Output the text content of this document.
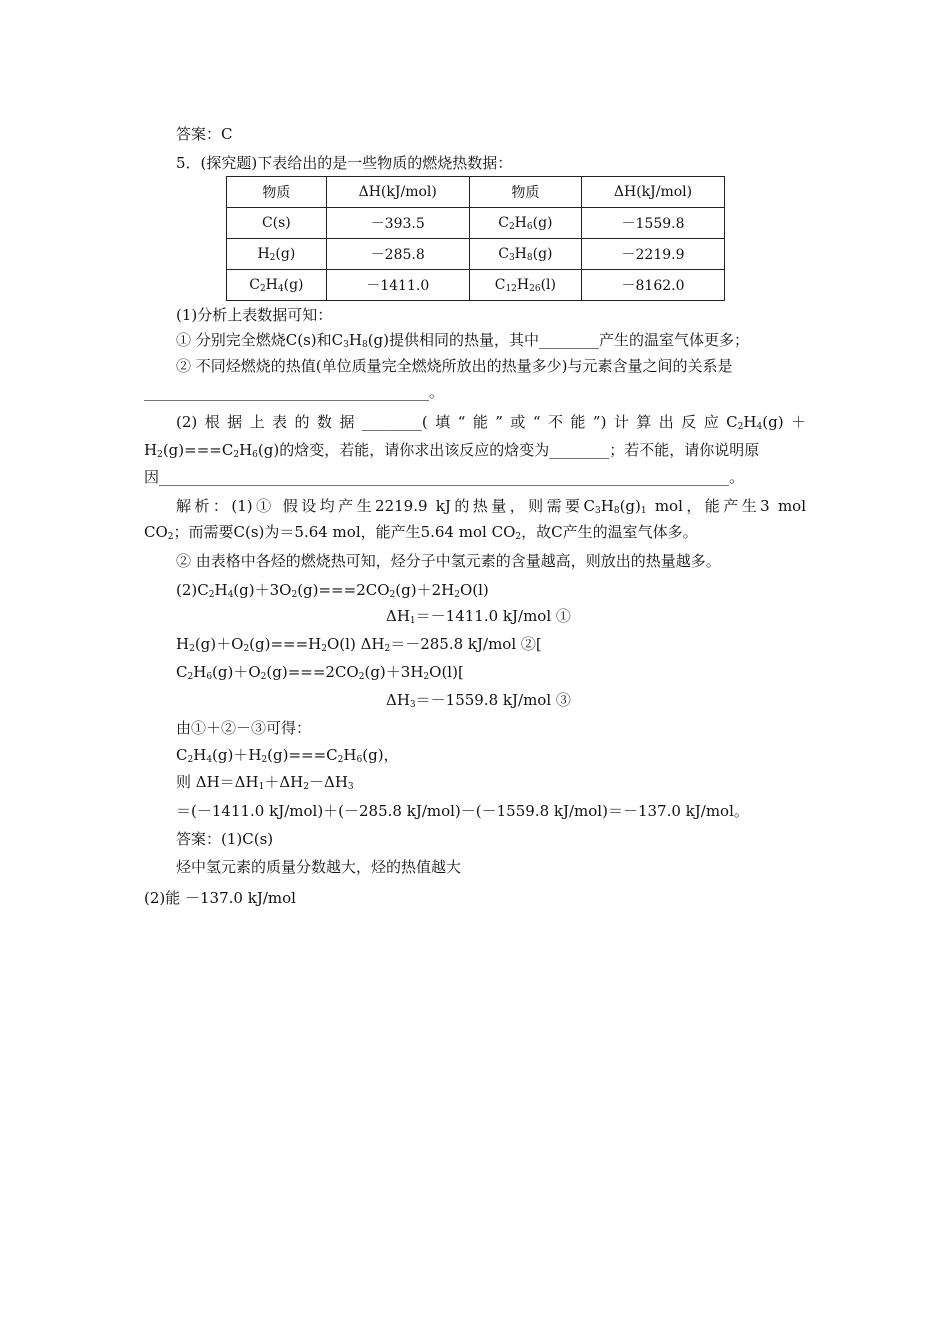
答案：C
5．(探究题)下表给出的是一些物质的燃烧热数据：
物质	ΔH(kJ/mol)	物质	ΔH(kJ/mol)
C(s)	－393.5	$C_2H_6(g)$	－1559.8
$H_2(g)$	－285.8	$C_3H_8(g)$	－2219.9
$C_2H_4(g)$	－1411.0	$C_{12}H_{26}(l)$	－8162.0
(1)分析上表数据可知：
① 分别完全燃烧C(s)和$C_3H_8(g)$提供相同的热量，其中________产生的温室气体更多；
② 不同烃燃烧的热值(单位质量完全燃烧所放出的热量多少)与元素含量之间的关系是
______________________________________。
(2)根据上表的数据________(填“能”或“不能”)计算出反应$C_2H_4(g)+$
$H_2(g)===C_2H_6(g)$的焓变，若能，请你求出该反应的焓变为________；若不能，请你说明原
因____________________________________________________________________________。
解析：(1)① 假设均产生2219.9 kJ的热量，则需要$C_3H_8(g)_1$ mol，能产生3 mol
$CO_2$；而需要C(s)为＝5.64 mol，能产生5.64 mol $CO_2$，故C产生的温室气体多。
② 由表格中各烃的燃烧热可知，烃分子中氢元素的含量越高，则放出的热量越多。
$(2)C_2H_4(g)+3O_2(g)===2CO_2(g)+2H_2O(l)$
$\Delta H_1=-1411.0$ kJ/mol ①
$H_2(g)+O_2(g)===H_2O(l)$ $\Delta H_2=-285.8$ kJ/mol ②[
$C_2H_6(g)+O_2(g)===2CO_2(g)+3H_2O(l)$[
$\Delta H_3=-1559.8$ kJ/mol ③
由①＋②－③可得：
$C_2H_4(g)+H_2(g)===C_2H_6(g)$，
则 $\Delta H=\Delta H_1+\Delta H_2-\Delta H_3$
＝(－1411.0 kJ/mol)＋(－285.8 kJ/mol)－(－1559.8 kJ/mol)＝－137.0 kJ/mol。
答案：(1)C(s)
烃中氢元素的质量分数越大，烃的热值越大
(2)能 －137.0 kJ/mol
